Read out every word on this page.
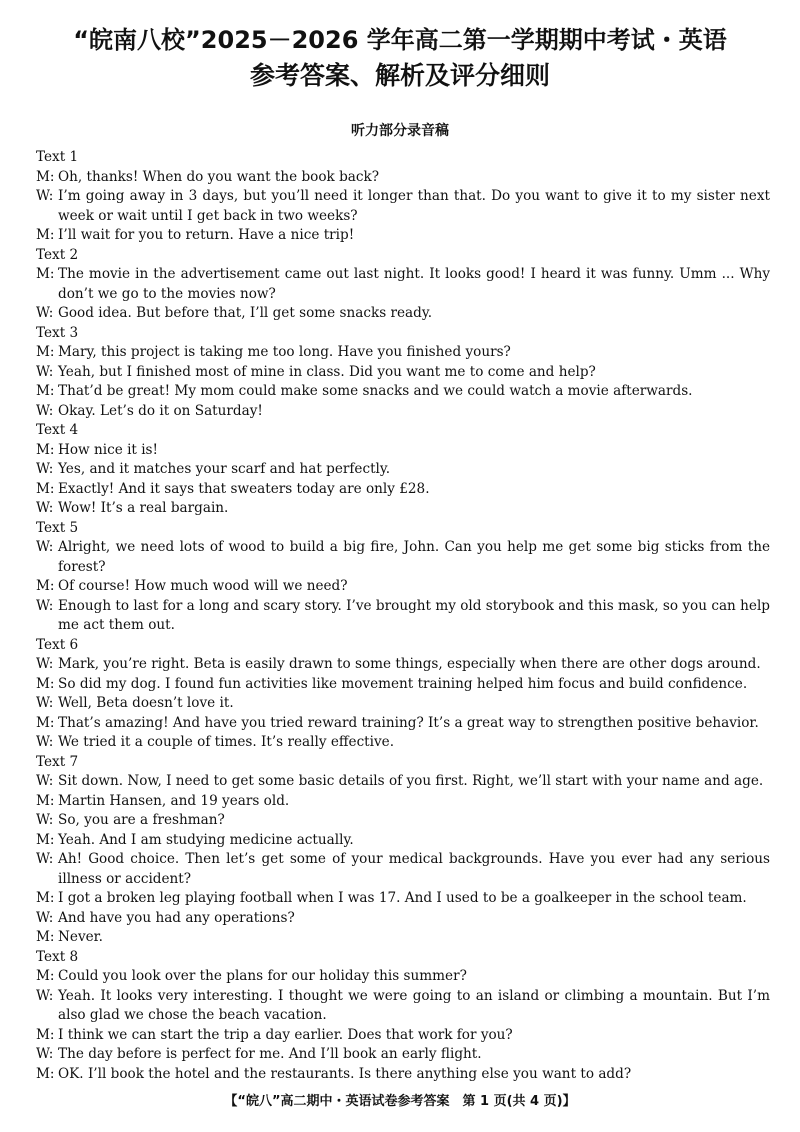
“皖南八校”2025－2026 学年高二第一学期期中考试・英语
参考答案、解析及评分细则
听力部分录音稿
Text 1
M: Oh, thanks! When do you want the book back?
W: I’m going away in 3 days, but you’ll need it longer than that. Do you want to give it to my sister next week or wait until I get back in two weeks?
M: I’ll wait for you to return. Have a nice trip!
Text 2
M: The movie in the advertisement came out last night. It looks good! I heard it was funny. Umm ... Why don’t we go to the movies now?
W: Good idea. But before that, I’ll get some snacks ready.
Text 3
M: Mary, this project is taking me too long. Have you finished yours?
W: Yeah, but I finished most of mine in class. Did you want me to come and help?
M: That’d be great! My mom could make some snacks and we could watch a movie afterwards.
W: Okay. Let’s do it on Saturday!
Text 4
M: How nice it is!
W: Yes, and it matches your scarf and hat perfectly.
M: Exactly! And it says that sweaters today are only £28.
W: Wow! It’s a real bargain.
Text 5
W: Alright, we need lots of wood to build a big fire, John. Can you help me get some big sticks from the forest?
M: Of course! How much wood will we need?
W: Enough to last for a long and scary story. I’ve brought my old storybook and this mask, so you can help me act them out.
Text 6
W: Mark, you’re right. Beta is easily drawn to some things, especially when there are other dogs around.
M: So did my dog. I found fun activities like movement training helped him focus and build confidence.
W: Well, Beta doesn’t love it.
M: That’s amazing! And have you tried reward training? It’s a great way to strengthen positive behavior.
W: We tried it a couple of times. It’s really effective.
Text 7
W: Sit down. Now, I need to get some basic details of you first. Right, we’ll start with your name and age.
M: Martin Hansen, and 19 years old.
W: So, you are a freshman?
M: Yeah. And I am studying medicine actually.
W: Ah! Good choice. Then let’s get some of your medical backgrounds. Have you ever had any serious illness or accident?
M: I got a broken leg playing football when I was 17. And I used to be a goalkeeper in the school team.
W: And have you had any operations?
M: Never.
Text 8
M: Could you look over the plans for our holiday this summer?
W: Yeah. It looks very interesting. I thought we were going to an island or climbing a mountain. But I’m also glad we chose the beach vacation.
M: I think we can start the trip a day earlier. Does that work for you?
W: The day before is perfect for me. And I’ll book an early flight.
M: OK. I’ll book the hotel and the restaurants. Is there anything else you want to add?
【“皖八”高二期中・英语试卷参考答案　第 1 页(共 4 页)】
